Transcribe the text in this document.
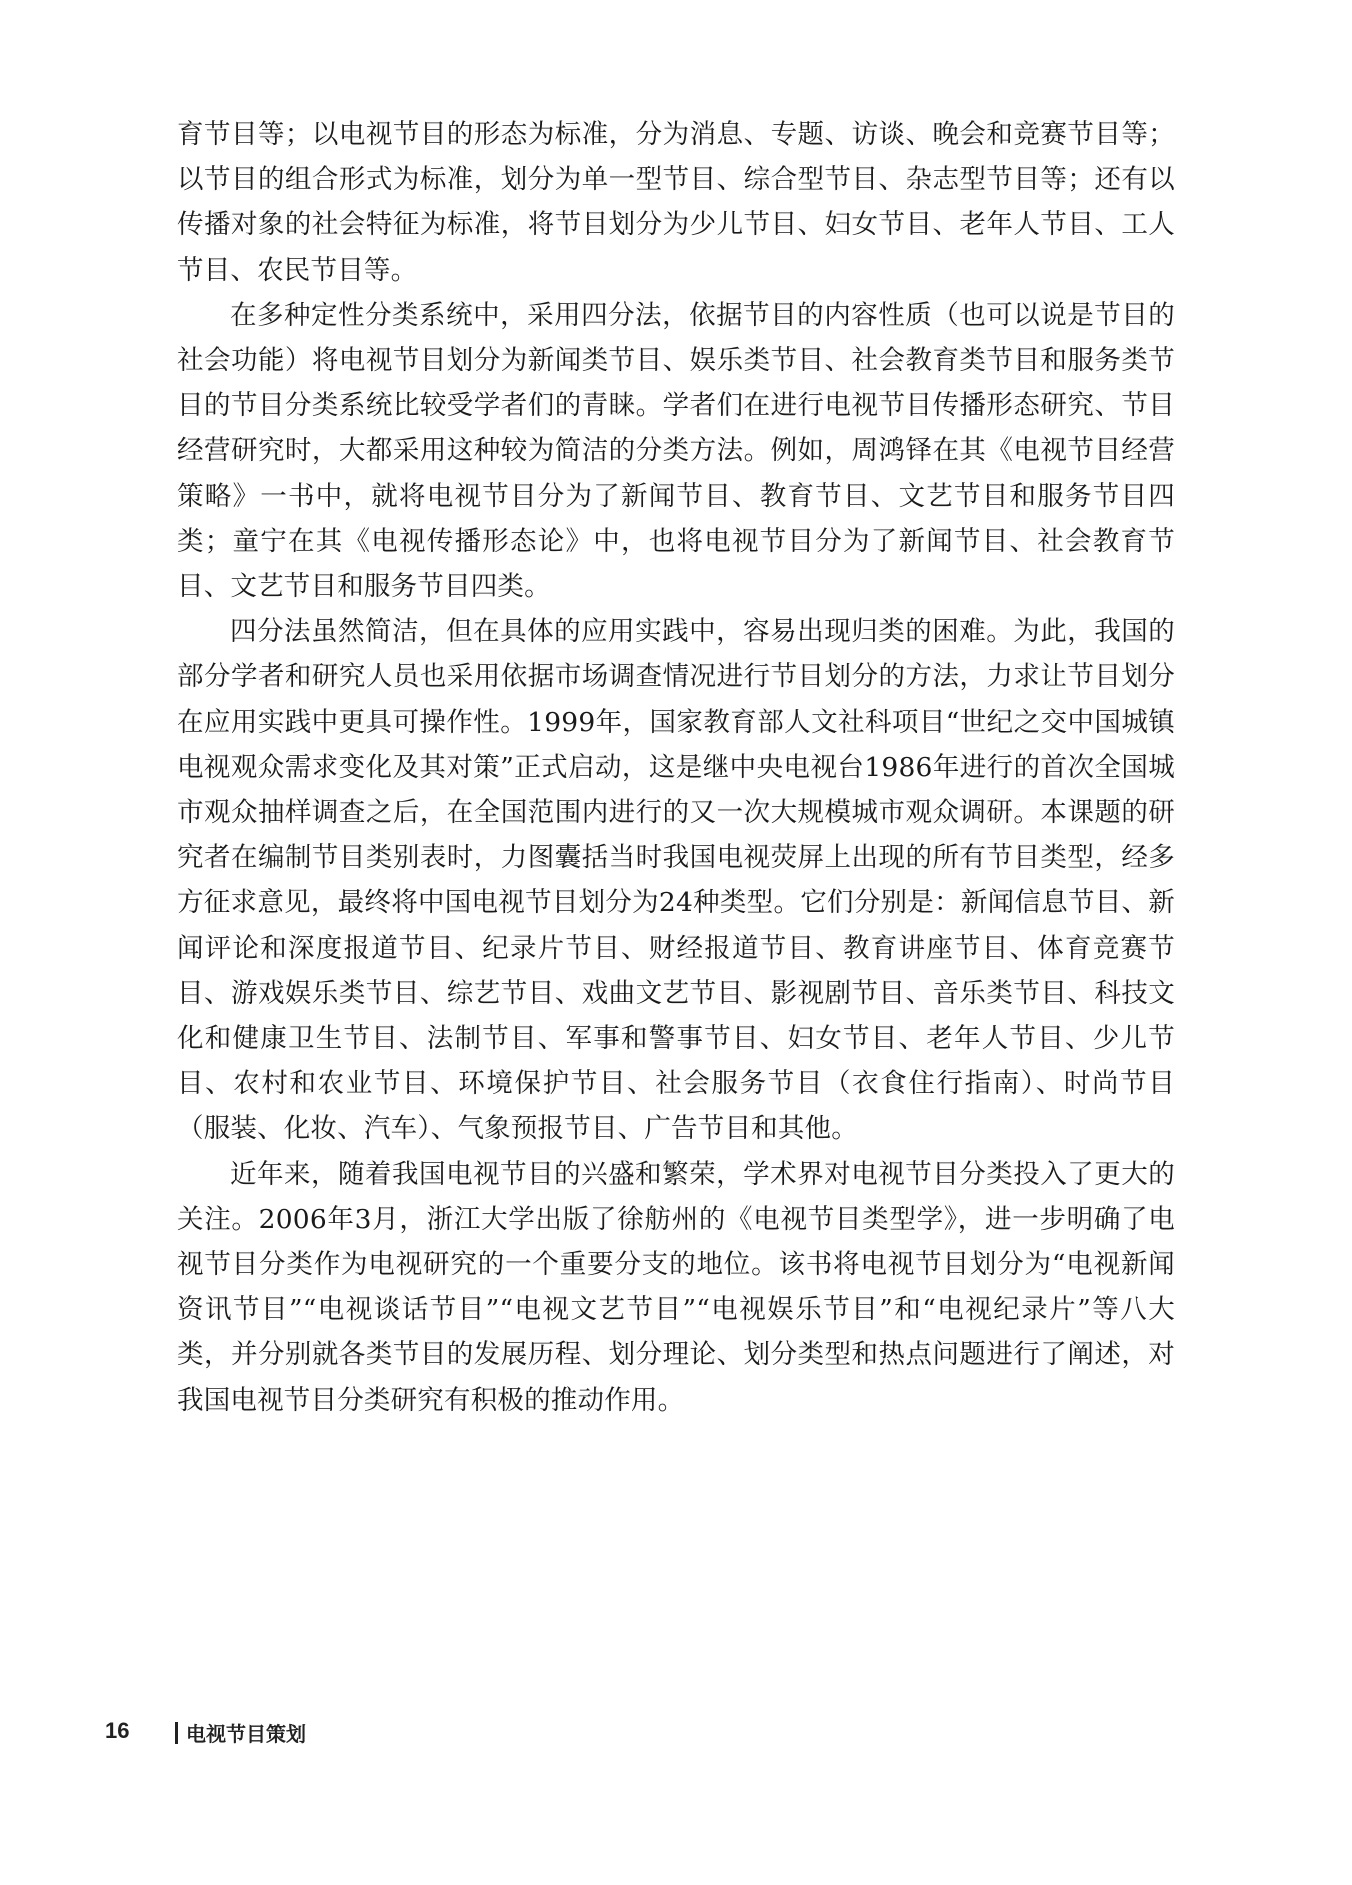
育节目等；以电视节目的形态为标准，分为消息、专题、访谈、晚会和竞赛节目等；以节目的组合形式为标准，划分为单一型节目、综合型节目、杂志型节目等；还有以传播对象的社会特征为标准，将节目划分为少儿节目、妇女节目、老年人节目、工人节目、农民节目等。

在多种定性分类系统中，采用四分法，依据节目的内容性质（也可以说是节目的社会功能）将电视节目划分为新闻类节目、娱乐类节目、社会教育类节目和服务类节目的节目分类系统比较受学者们的青睐。学者们在进行电视节目传播形态研究、节目经营研究时，大都采用这种较为简洁的分类方法。例如，周鸿铎在其《电视节目经营策略》一书中，就将电视节目分为了新闻节目、教育节目、文艺节目和服务节目四类；童宁在其《电视传播形态论》中，也将电视节目分为了新闻节目、社会教育节目、文艺节目和服务节目四类。

四分法虽然简洁，但在具体的应用实践中，容易出现归类的困难。为此，我国的部分学者和研究人员也采用依据市场调查情况进行节目划分的方法，力求让节目划分在应用实践中更具可操作性。1999年，国家教育部人文社科项目“世纪之交中国城镇电视观众需求变化及其对策”正式启动，这是继中央电视台1986年进行的首次全国城市观众抽样调查之后，在全国范围内进行的又一次大规模城市观众调研。本课题的研究者在编制节目类别表时，力图囊括当时我国电视荧屏上出现的所有节目类型，经多方征求意见，最终将中国电视节目划分为24种类型。它们分别是：新闻信息节目、新闻评论和深度报道节目、纪录片节目、财经报道节目、教育讲座节目、体育竞赛节目、游戏娱乐类节目、综艺节目、戏曲文艺节目、影视剧节目、音乐类节目、科技文化和健康卫生节目、法制节目、军事和警事节目、妇女节目、老年人节目、少儿节目、农村和农业节目、环境保护节目、社会服务节目（衣食住行指南）、时尚节目（服装、化妆、汽车）、气象预报节目、广告节目和其他。

近年来，随着我国电视节目的兴盛和繁荣，学术界对电视节目分类投入了更大的关注。2006年3月，浙江大学出版了徐舫州的《电视节目类型学》，进一步明确了电视节目分类作为电视研究的一个重要分支的地位。该书将电视节目划分为“电视新闻资讯节目”“电视谈话节目”“电视文艺节目”“电视娱乐节目”和“电视纪录片”等八大类，并分别就各类节目的发展历程、划分理论、划分类型和热点问题进行了阐述，对我国电视节目分类研究有积极的推动作用。

16	电视节目策划
